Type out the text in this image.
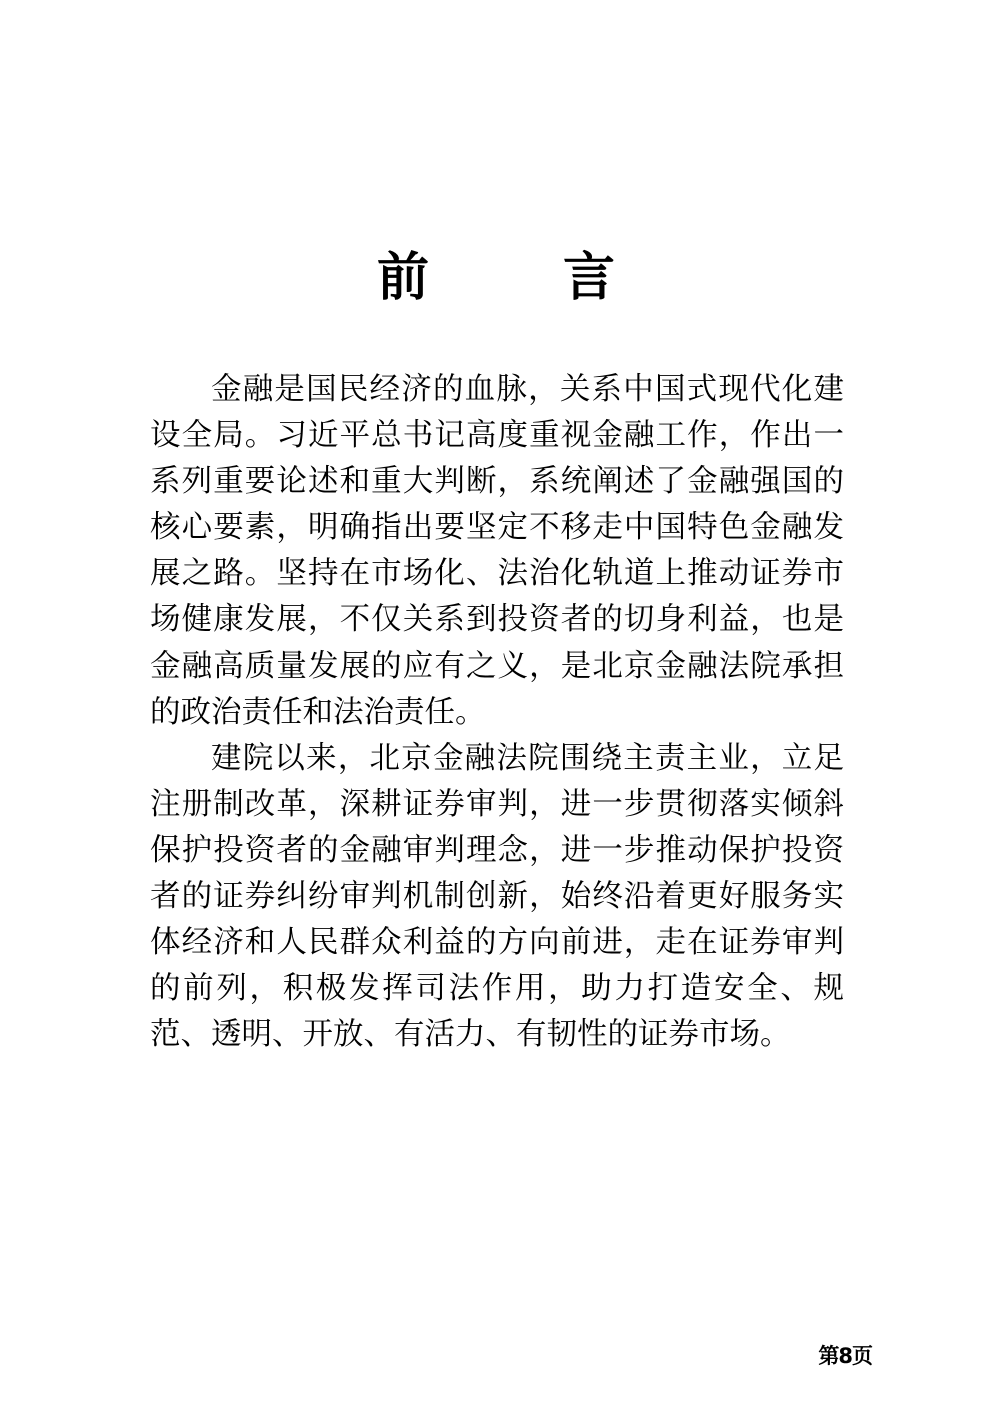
前 言

金融是国民经济的血脉，关系中国式现代化建设全局。习近平总书记高度重视金融工作，作出一系列重要论述和重大判断，系统阐述了金融强国的核心要素，明确指出要坚定不移走中国特色金融发展之路。坚持在市场化、法治化轨道上推动证券市场健康发展，不仅关系到投资者的切身利益，也是金融高质量发展的应有之义，是北京金融法院承担的政治责任和法治责任。

建院以来，北京金融法院围绕主责主业，立足注册制改革，深耕证券审判，进一步贯彻落实倾斜保护投资者的金融审判理念，进一步推动保护投资者的证券纠纷审判机制创新，始终沿着更好服务实体经济和人民群众利益的方向前进，走在证券审判的前列，积极发挥司法作用，助力打造安全、规范、透明、开放、有活力、有韧性的证券市场。

第8页
